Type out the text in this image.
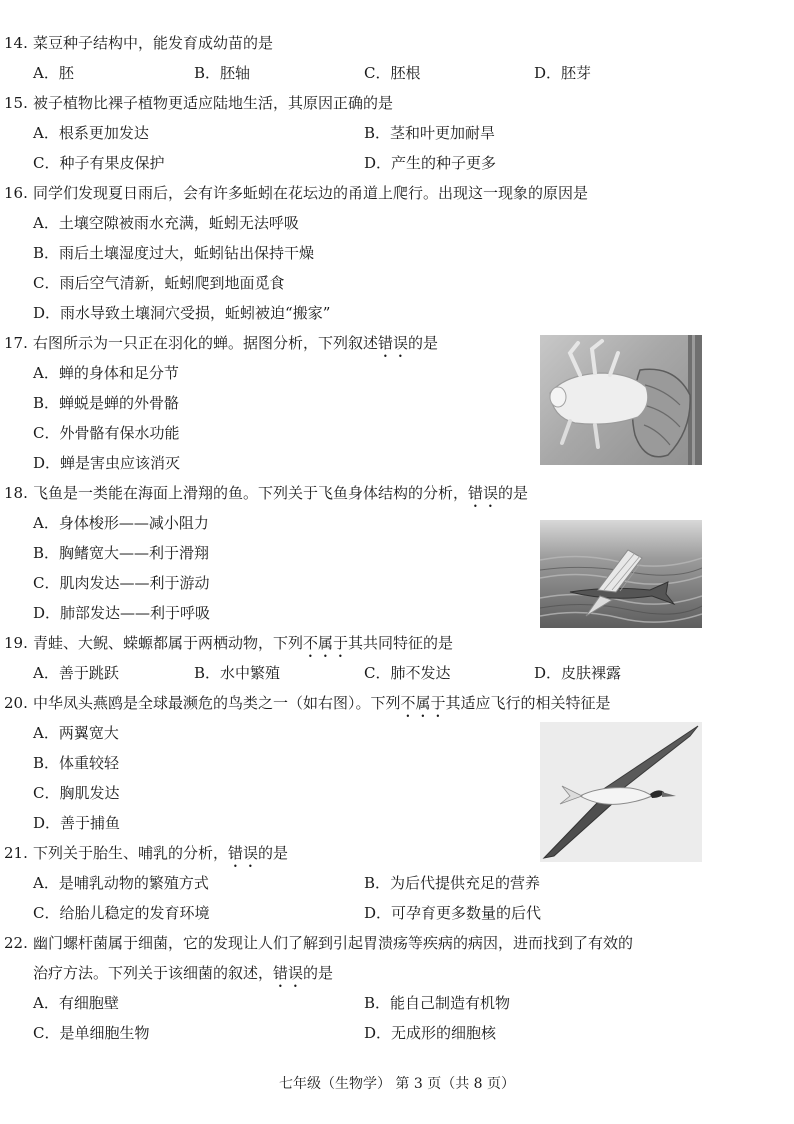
14. 菜豆种子结构中，能发育成幼苗的是
A．胚	B．胚轴	C．胚根	D．胚芽
15. 被子植物比裸子植物更适应陆地生活，其原因正确的是
A．根系更加发达	B．茎和叶更加耐旱
C．种子有果皮保护	D．产生的种子更多
16. 同学们发现夏日雨后，会有许多蚯蚓在花坛边的甬道上爬行。出现这一现象的原因是
A．土壤空隙被雨水充满，蚯蚓无法呼吸
B．雨后土壤湿度过大，蚯蚓钻出保持干燥
C．雨后空气清新，蚯蚓爬到地面觅食
D．雨水导致土壤洞穴受损，蚯蚓被迫“搬家”
17. 右图所示为一只正在羽化的蝉。据图分析，下列叙述错误的是
A．蝉的身体和足分节
B．蝉蜕是蝉的外骨骼
C．外骨骼有保水功能
D．蝉是害虫应该消灭
18. 飞鱼是一类能在海面上滑翔的鱼。下列关于飞鱼身体结构的分析，错误的是
A．身体梭形——减小阻力
B．胸鳍宽大——利于滑翔
C．肌肉发达——利于游动
D．肺部发达——利于呼吸
19. 青蛙、大鲵、蝾螈都属于两栖动物，下列不属于其共同特征的是
A．善于跳跃	B．水中繁殖	C．肺不发达	D．皮肤裸露
20. 中华凤头燕鸥是全球最濒危的鸟类之一（如右图）。下列不属于其适应飞行的相关特征是
A．两翼宽大
B．体重较轻
C．胸肌发达
D．善于捕鱼
21. 下列关于胎生、哺乳的分析，错误的是
A．是哺乳动物的繁殖方式	B．为后代提供充足的营养
C．给胎儿稳定的发育环境	D．可孕育更多数量的后代
22. 幽门螺杆菌属于细菌，它的发现让人们了解到引起胃溃疡等疾病的病因，进而找到了有效的
治疗方法。下列关于该细菌的叙述，错误的是
A．有细胞壁	B．能自己制造有机物
C．是单细胞生物	D．无成形的细胞核
七年级（生物学） 第 3 页（共 8 页）
